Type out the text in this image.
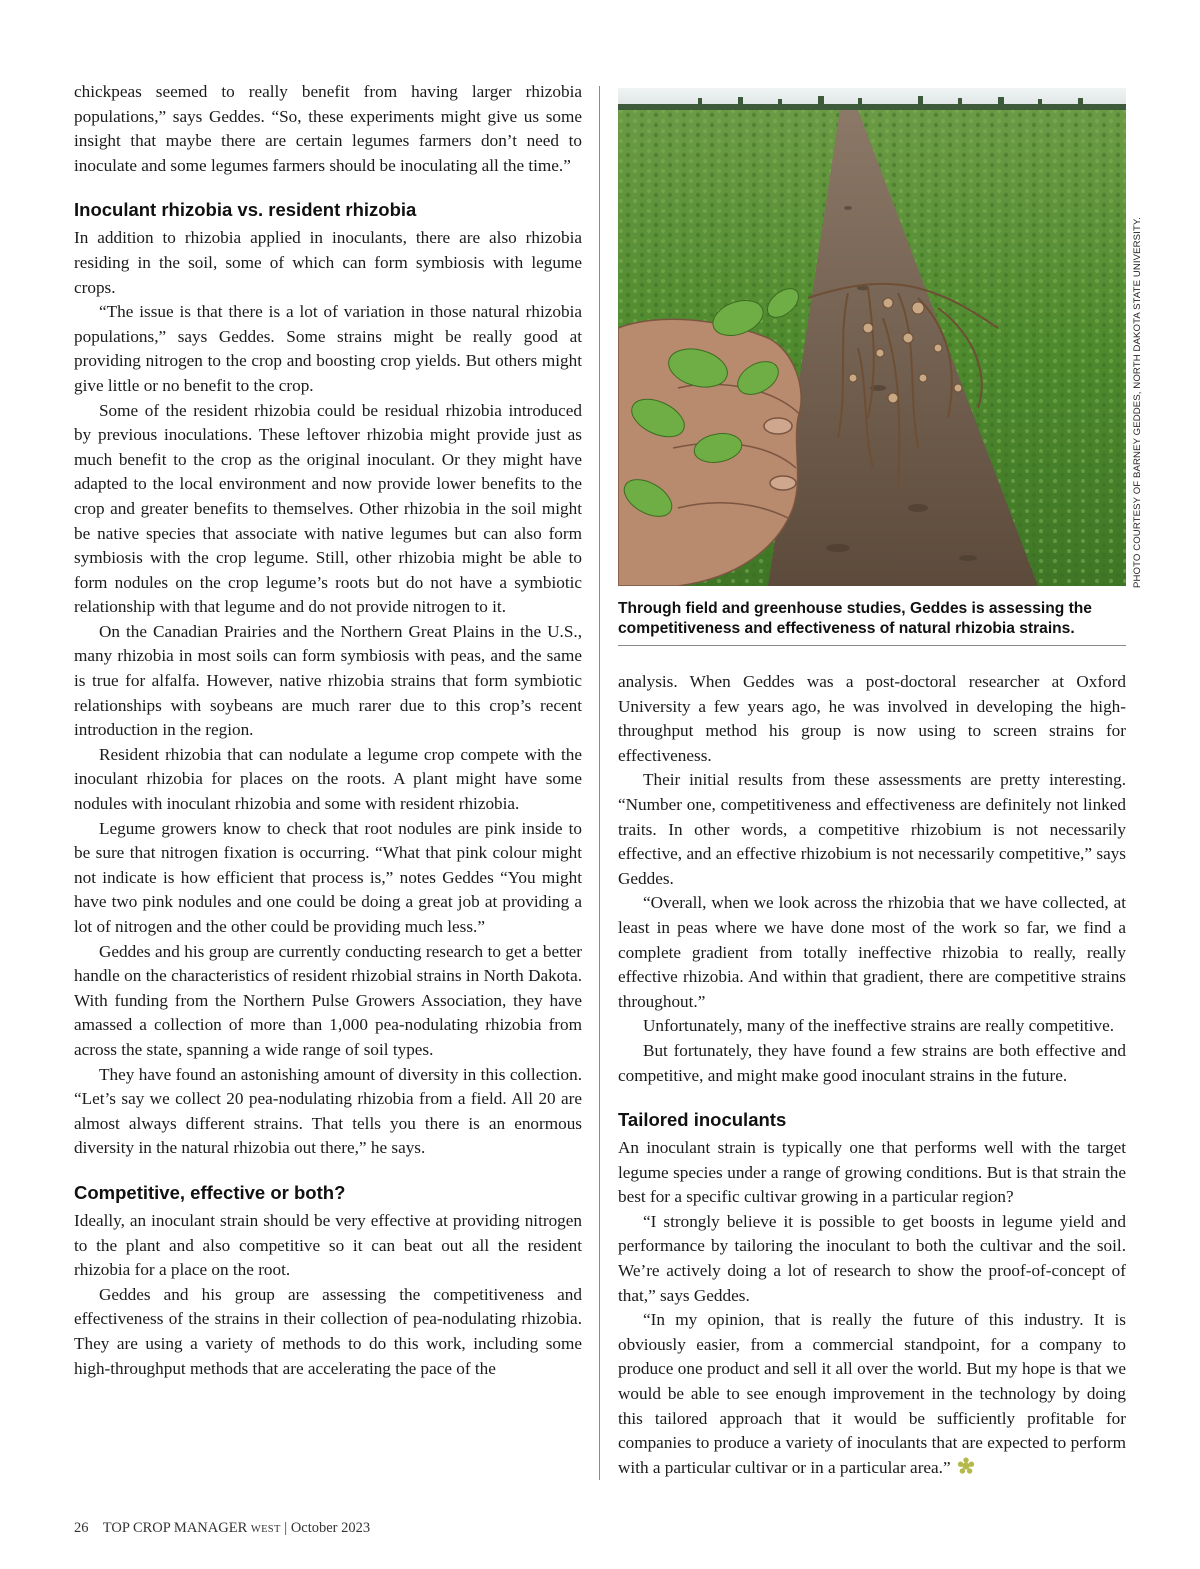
chickpeas seemed to really benefit from having larger rhizobia populations,” says Geddes. “So, these experiments might give us some insight that maybe there are certain legumes farmers don’t need to inoculate and some legumes farmers should be inoculating all the time.”

Inoculant rhizobia vs. resident rhizobia

In addition to rhizobia applied in inoculants, there are also rhizobia residing in the soil, some of which can form symbiosis with legume crops.

“The issue is that there is a lot of variation in those natural rhizobia populations,” says Geddes. Some strains might be really good at providing nitrogen to the crop and boosting crop yields. But others might give little or no benefit to the crop.

Some of the resident rhizobia could be residual rhizobia introduced by previous inoculations. These leftover rhizobia might provide just as much benefit to the crop as the original inoculant. Or they might have adapted to the local environment and now provide lower benefits to the crop and greater benefits to themselves. Other rhizobia in the soil might be native species that associate with native legumes but can also form symbiosis with the crop legume. Still, other rhizobia might be able to form nodules on the crop legume’s roots but do not have a symbiotic relationship with that legume and do not provide nitrogen to it.

On the Canadian Prairies and the Northern Great Plains in the U.S., many rhizobia in most soils can form symbiosis with peas, and the same is true for alfalfa. However, native rhizobia strains that form symbiotic relationships with soybeans are much rarer due to this crop’s recent introduction in the region.

Resident rhizobia that can nodulate a legume crop compete with the inoculant rhizobia for places on the roots. A plant might have some nodules with inoculant rhizobia and some with resident rhizobia.

Legume growers know to check that root nodules are pink inside to be sure that nitrogen fixation is occurring. “What that pink colour might not indicate is how efficient that process is,” notes Geddes “You might have two pink nodules and one could be doing a great job at providing a lot of nitrogen and the other could be providing much less.”

Geddes and his group are currently conducting research to get a better handle on the characteristics of resident rhizobial strains in North Dakota. With funding from the Northern Pulse Growers Association, they have amassed a collection of more than 1,000 pea-nodulating rhizobia from across the state, spanning a wide range of soil types.

They have found an astonishing amount of diversity in this collection. “Let’s say we collect 20 pea-nodulating rhizobia from a field. All 20 are almost always different strains. That tells you there is an enormous diversity in the natural rhizobia out there,” he says.

Competitive, effective or both?

Ideally, an inoculant strain should be very effective at providing nitrogen to the plant and also competitive so it can beat out all the resident rhizobia for a place on the root.

Geddes and his group are assessing the competitiveness and effectiveness of the strains in their collection of pea-nodulating rhizobia. They are using a variety of methods to do this work, including some high-throughput methods that are accelerating the pace of the

PHOTO COURTESY OF BARNEY GEDDES, NORTH DAKOTA STATE UNIVERSITY.
Through field and greenhouse studies, Geddes is assessing the competitiveness and effectiveness of natural rhizobia strains.

analysis. When Geddes was a post-doctoral researcher at Oxford University a few years ago, he was involved in developing the high-throughput method his group is now using to screen strains for effectiveness.

Their initial results from these assessments are pretty interesting. “Number one, competitiveness and effectiveness are definitely not linked traits. In other words, a competitive rhizobium is not necessarily effective, and an effective rhizobium is not necessarily competitive,” says Geddes.

“Overall, when we look across the rhizobia that we have collected, at least in peas where we have done most of the work so far, we find a complete gradient from totally ineffective rhizobia to really, really effective rhizobia. And within that gradient, there are competitive strains throughout.”

Unfortunately, many of the ineffective strains are really competitive.

But fortunately, they have found a few strains are both effective and competitive, and might make good inoculant strains in the future.

Tailored inoculants

An inoculant strain is typically one that performs well with the target legume species under a range of growing conditions. But is that strain the best for a specific cultivar growing in a particular region?

“I strongly believe it is possible to get boosts in legume yield and performance by tailoring the inoculant to both the cultivar and the soil. We’re actively doing a lot of research to show the proof-of-concept of that,” says Geddes.

“In my opinion, that is really the future of this industry. It is obviously easier, from a commercial standpoint, for a company to produce one product and sell it all over the world. But my hope is that we would be able to see enough improvement in the technology by doing this tailored approach that it would be sufficiently profitable for companies to produce a variety of inoculants that are expected to perform with a particular cultivar or in a particular area.”

26 TOP CROP MANAGER WEST | October 2023
